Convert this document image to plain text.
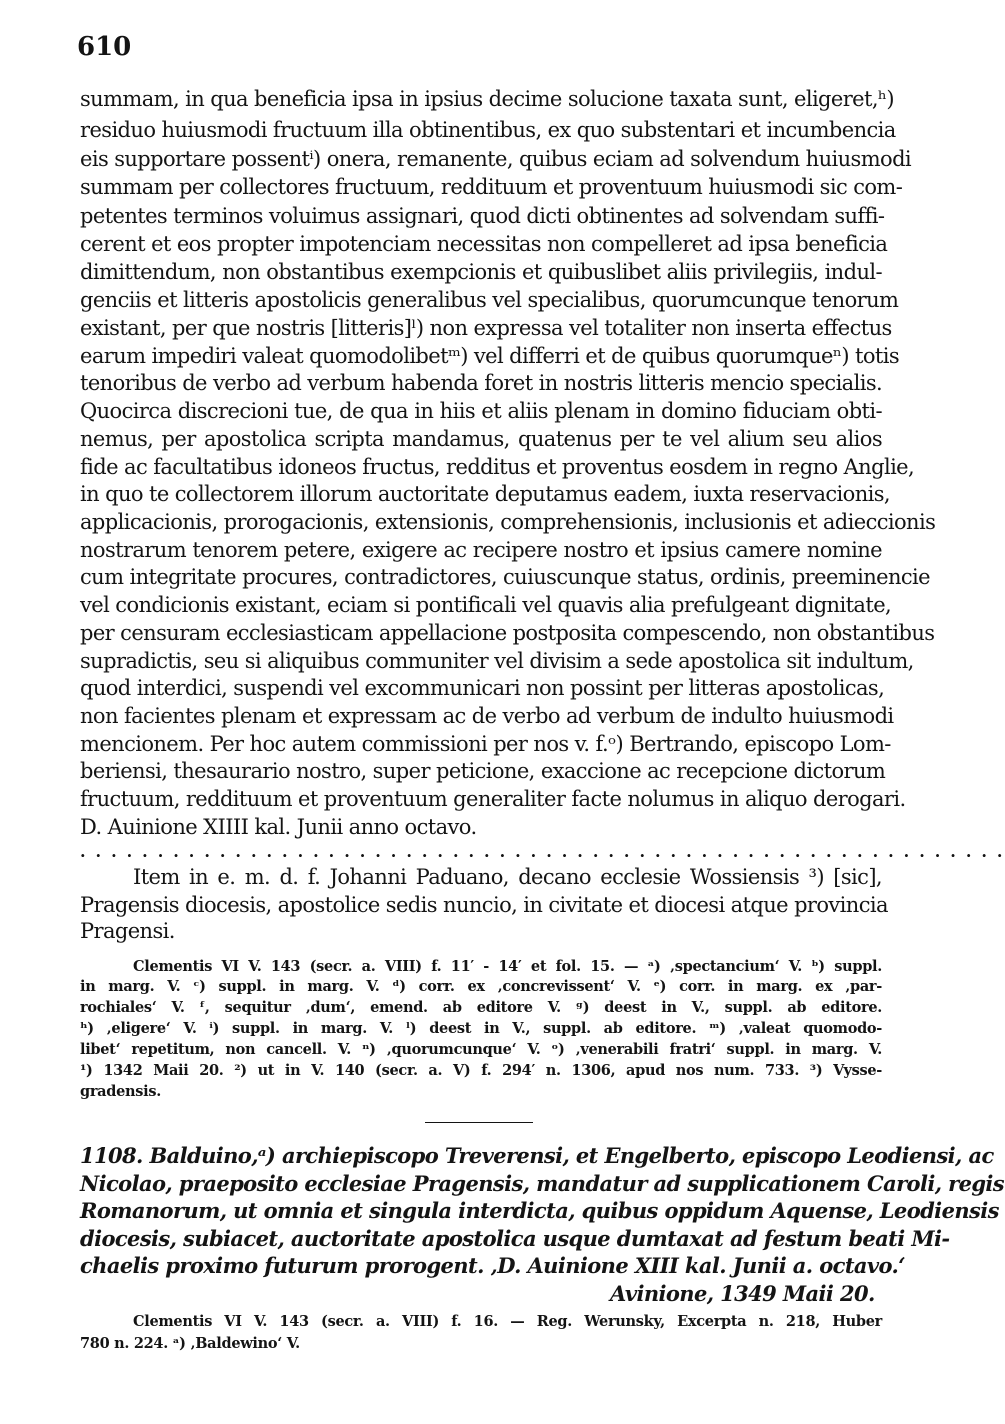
610
summam, in qua beneficia ipsa in ipsius decime solucione taxata sunt, eligeret,ʰ)
residuo huiusmodi fructuum illa obtinentibus, ex quo substentari et incumbencia
eis supportare possentⁱ) onera, remanente, quibus eciam ad solvendum huiusmodi
summam per collectores fructuum, reddituum et proventuum huiusmodi sic com-
petentes terminos voluimus assignari, quod dicti obtinentes ad solvendam suffi-
cerent et eos propter impotenciam necessitas non compelleret ad ipsa beneficia
dimittendum, non obstantibus exempcionis et quibuslibet aliis privilegiis, indul-
genciis et litteris apostolicis generalibus vel specialibus, quorumcunque tenorum
existant, per que nostris [litteris]ˡ) non expressa vel totaliter non inserta effectus
earum impediri valeat quomodolibetᵐ) vel differri et de quibus quorumqueⁿ) totis
tenoribus de verbo ad verbum habenda foret in nostris litteris mencio specialis.
Quocirca discrecioni tue, de qua in hiis et aliis plenam in domino fiduciam obti-
nemus, per apostolica scripta mandamus, quatenus per te vel alium seu alios
fide ac facultatibus idoneos fructus, redditus et proventus eosdem in regno Anglie,
in quo te collectorem illorum auctoritate deputamus eadem, iuxta reservacionis,
applicacionis, prorogacionis, extensionis, comprehensionis, inclusionis et adieccionis
nostrarum tenorem petere, exigere ac recipere nostro et ipsius camere nomine
cum integritate procures, contradictores, cuiuscunque status, ordinis, preeminencie
vel condicionis existant, eciam si pontificali vel quavis alia prefulgeant dignitate,
per censuram ecclesiasticam appellacione postposita compescendo, non obstantibus
supradictis, seu si aliquibus communiter vel divisim a sede apostolica sit indultum,
quod interdici, suspendi vel excommunicari non possint per litteras apostolicas,
non facientes plenam et expressam ac de verbo ad verbum de indulto huiusmodi
mencionem. Per hoc autem commissioni per nos v. f.ᵒ) Bertrando, episcopo Lom-
beriensi, thesaurario nostro, super peticione, exaccione ac recepcione dictorum
fructuum, reddituum et proventuum generaliter facte nolumus in aliquo derogari.
D. Auinione XIIII kal. Junii anno octavo.
. . . . . . . . . . . . . . . . . . . . . . . . . . . . . . . . . . . . . . . . . . . . . . . . . . . . . . . . . . . .
Item in e. m. d. f. Johanni Paduano, decano ecclesie Wossiensis ³) [sic],
Pragensis diocesis, apostolice sedis nuncio, in civitate et diocesi atque provincia
Pragensi.
Clementis VI V. 143 (secr. a. VIII) f. 11′ - 14′ et fol. 15. — ᵃ) ‚spectancium‘ V. ᵇ) suppl.
in marg. V. ᶜ) suppl. in marg. V. ᵈ) corr. ex ‚concrevissent‘ V. ᵉ) corr. in marg. ex ‚par-
rochiales‘ V. ᶠ, sequitur ‚dum‘, emend. ab editore V. ᵍ) deest in V., suppl. ab editore.
ʰ) ‚eligere‘ V. ⁱ) suppl. in marg. V. ˡ) deest in V., suppl. ab editore. ᵐ) ‚valeat quomodo-
libet‘ repetitum, non cancell. V. ⁿ) ‚quorumcunque‘ V. ᵒ) ‚venerabili fratri‘ suppl. in marg. V.
¹) 1342 Maii 20. ²) ut in V. 140 (secr. a. V) f. 294′ n. 1306, apud nos num. 733. ³) Vysse-
gradensis.
1108. Balduino,ᵃ) archiepiscopo Treverensi, et Engelberto, episcopo Leodiensi, ac
Nicolao, praeposito ecclesiae Pragensis, mandatur ad supplicationem Caroli, regis
Romanorum, ut omnia et singula interdicta, quibus oppidum Aquense, Leodiensis
diocesis, subiacet, auctoritate apostolica usque dumtaxat ad festum beati Mi-
chaelis proximo futurum prorogent. ‚D. Auinione XIII kal. Junii a. octavo.‘
Avinione, 1349 Maii 20.
Clementis VI V. 143 (secr. a. VIII) f. 16. — Reg. Werunsky, Excerpta n. 218, Huber
780 n. 224. ᵃ) ‚Baldewino‘ V.
